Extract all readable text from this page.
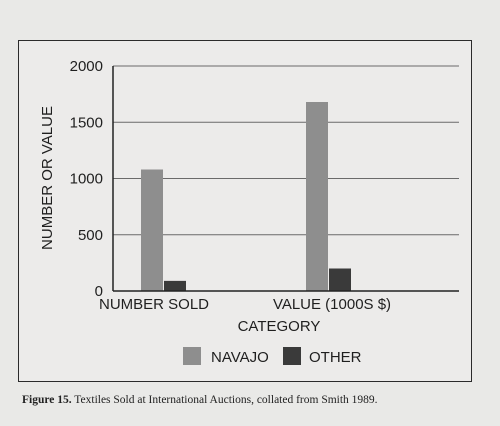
0
500
1000
1500
2000
NUMBER SOLD	VALUE (1000S $)
NUMBER OR VALUE
CATEGORY
NAVAJO	OTHER
Figure 15. Textiles Sold at International Auctions, collated from Smith 1989.
